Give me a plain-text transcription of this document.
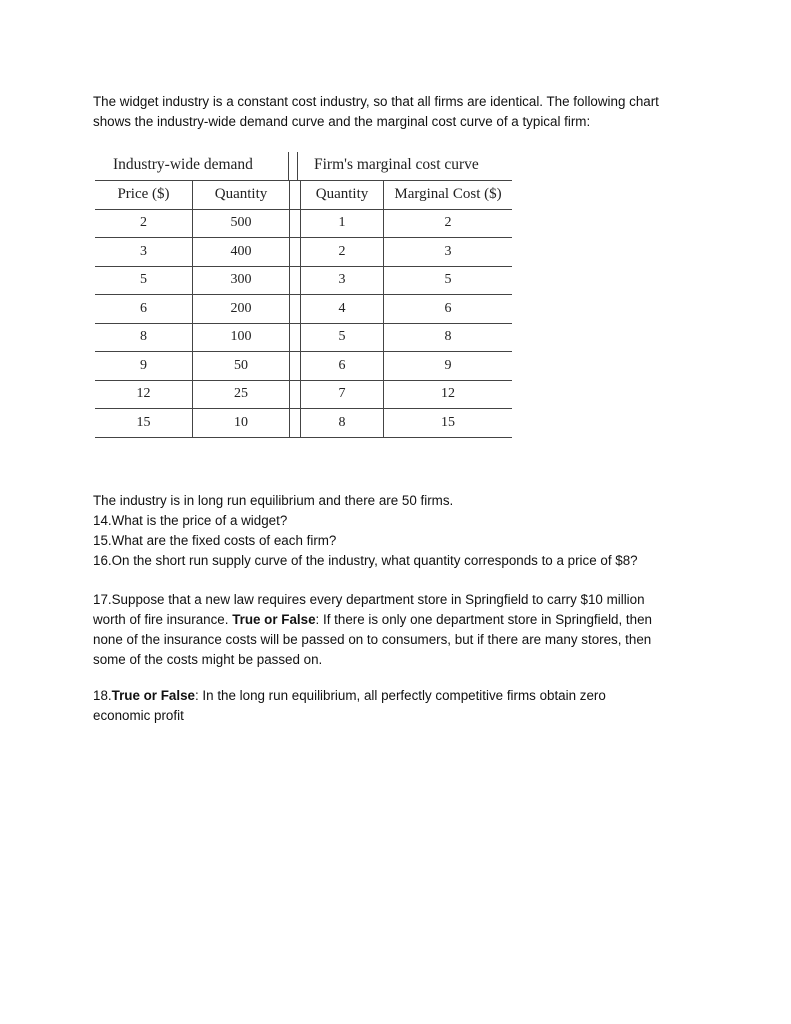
The widget industry is a constant cost industry, so that all firms are identical. The following chart
shows the industry-wide demand curve and the marginal cost curve of a typical firm:
Industry-wide demand	Firm's marginal cost curve
Price ($)	Quantity	Quantity	Marginal Cost ($)
2	500	1	2
3	400	2	3
5	300	3	5
6	200	4	6
8	100	5	8
9	50	6	9
12	25	7	12
15	10	8	15
The industry is in long run equilibrium and there are 50 firms.
14.What is the price of a widget?
15.What are the fixed costs of each firm?
16.On the short run supply curve of the industry, what quantity corresponds to a price of $8?
17.Suppose that a new law requires every department store in Springfield to carry $10 million
worth of fire insurance. True or False: If there is only one department store in Springfield, then
none of the insurance costs will be passed on to consumers, but if there are many stores, then
some of the costs might be passed on.
18.True or False: In the long run equilibrium, all perfectly competitive firms obtain zero
economic profit
